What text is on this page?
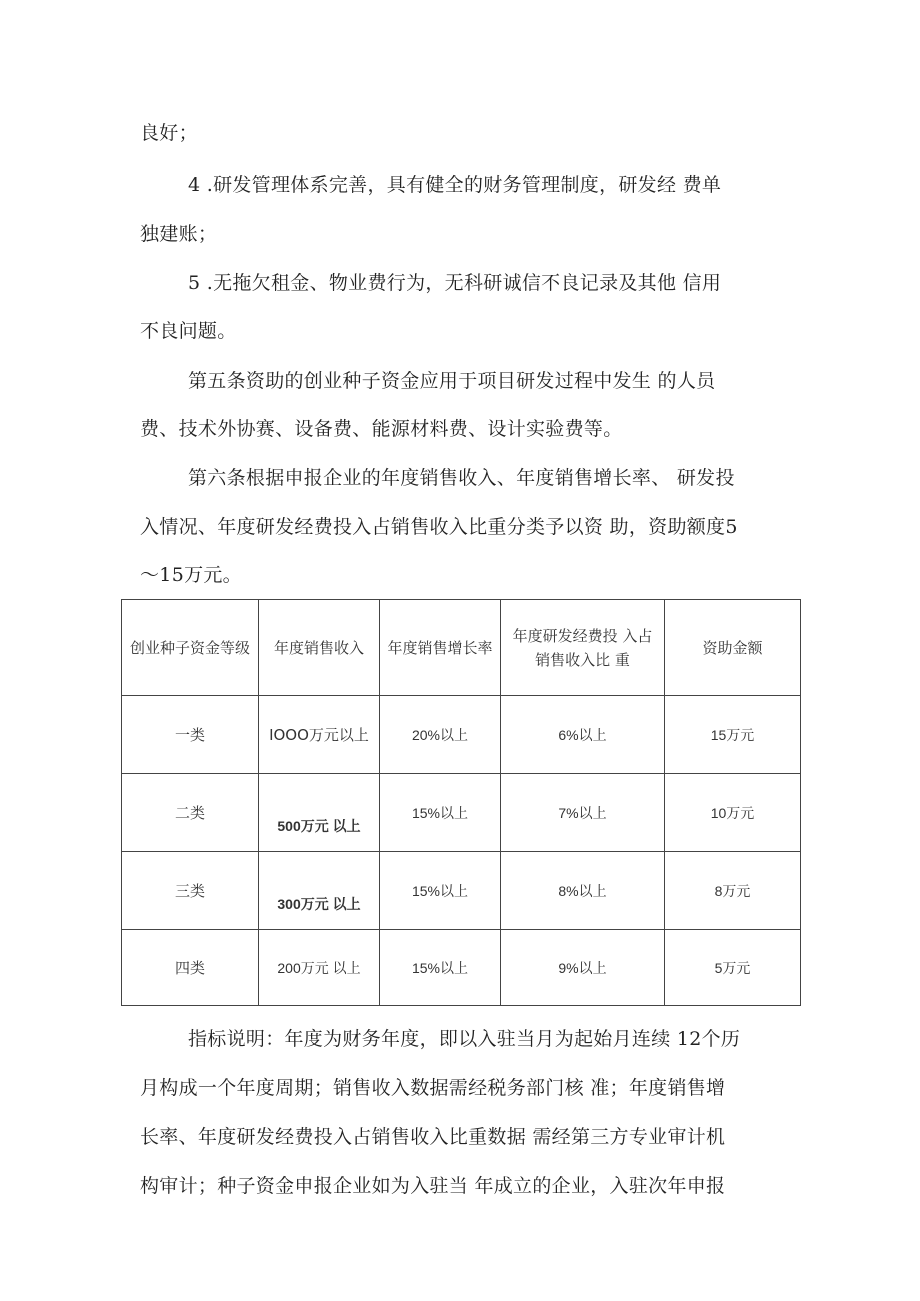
良好；
4 .研发管理体系完善，具有健全的财务管理制度，研发经 费单
独建账；
5 .无拖欠租金、物业费行为，无科研诚信不良记录及其他 信用
不良问题。
第五条资助的创业种子资金应用于项目研发过程中发生 的人员
费、技术外协赛、设备费、能源材料费、设计实验费等。
第六条根据申报企业的年度销售收入、年度销售增长率、 研发投
入情况、年度研发经费投入占销售收入比重分类予以资 助，资助额度5
～15万元。
创业种子资金等级	年度销售收入	年度销售增长率	年度研发经费投 入占销售收入比 重	资助金额
一类	IOOO万元以上	20%以上	6%以上	15万元
二类	500万元 以上	15%以上	7%以上	10万元
三类	300万元 以上	15%以上	8%以上	8万元
四类	200万元 以上	15%以上	9%以上	5万元
指标说明：年度为财务年度，即以入驻当月为起始月连续 12个历
月构成一个年度周期；销售收入数据需经税务部门核 准；年度销售增
长率、年度研发经费投入占销售收入比重数据 需经第三方专业审计机
构审计；种子资金申报企业如为入驻当 年成立的企业，入驻次年申报
